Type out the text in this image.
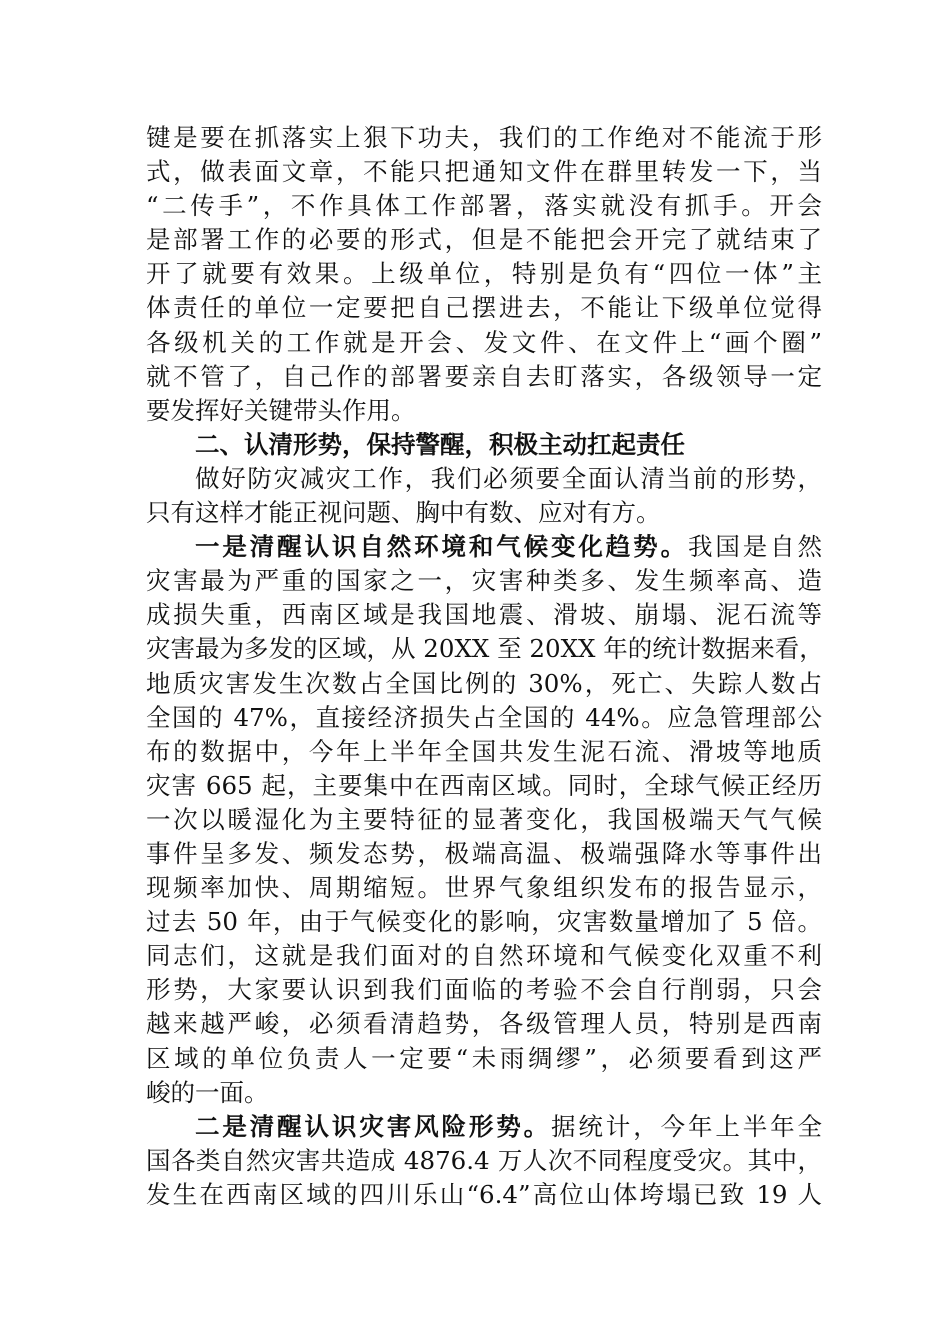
键是要在抓落实上狠下功夫，我们的工作绝对不能流于形
式，做表面文章，不能只把通知文件在群里转发一下，当
“二传手”，不作具体工作部署，落实就没有抓手。开会
是部署工作的必要的形式，但是不能把会开完了就结束了
开了就要有效果。上级单位，特别是负有“四位一体”主
体责任的单位一定要把自己摆进去，不能让下级单位觉得
各级机关的工作就是开会、发文件、在文件上“画个圈”
就不管了，自己作的部署要亲自去盯落实，各级领导一定
要发挥好关键带头作用。
二、认清形势，保持警醒，积极主动扛起责任
做好防灾减灾工作，我们必须要全面认清当前的形势，
只有这样才能正视问题、胸中有数、应对有方。
一是清醒认识自然环境和气候变化趋势。我国是自然
灾害最为严重的国家之一，灾害种类多、发生频率高、造
成损失重，西南区域是我国地震、滑坡、崩塌、泥石流等
灾害最为多发的区域，从 20XX 至 20XX 年的统计数据来看，
地质灾害发生次数占全国比例的 30%，死亡、失踪人数占
全国的 47%，直接经济损失占全国的 44%。应急管理部公
布的数据中，今年上半年全国共发生泥石流、滑坡等地质
灾害 665 起，主要集中在西南区域。同时，全球气候正经历
一次以暖湿化为主要特征的显著变化，我国极端天气气候
事件呈多发、频发态势，极端高温、极端强降水等事件出
现频率加快、周期缩短。世界气象组织发布的报告显示，
过去 50 年，由于气候变化的影响，灾害数量增加了 5 倍。
同志们，这就是我们面对的自然环境和气候变化双重不利
形势，大家要认识到我们面临的考验不会自行削弱，只会
越来越严峻，必须看清趋势，各级管理人员，特别是西南
区域的单位负责人一定要“未雨绸缪”，必须要看到这严
峻的一面。
二是清醒认识灾害风险形势。据统计，今年上半年全
国各类自然灾害共造成 4876.4 万人次不同程度受灾。其中，
发生在西南区域的四川乐山“6.4”高位山体垮塌已致 19 人
